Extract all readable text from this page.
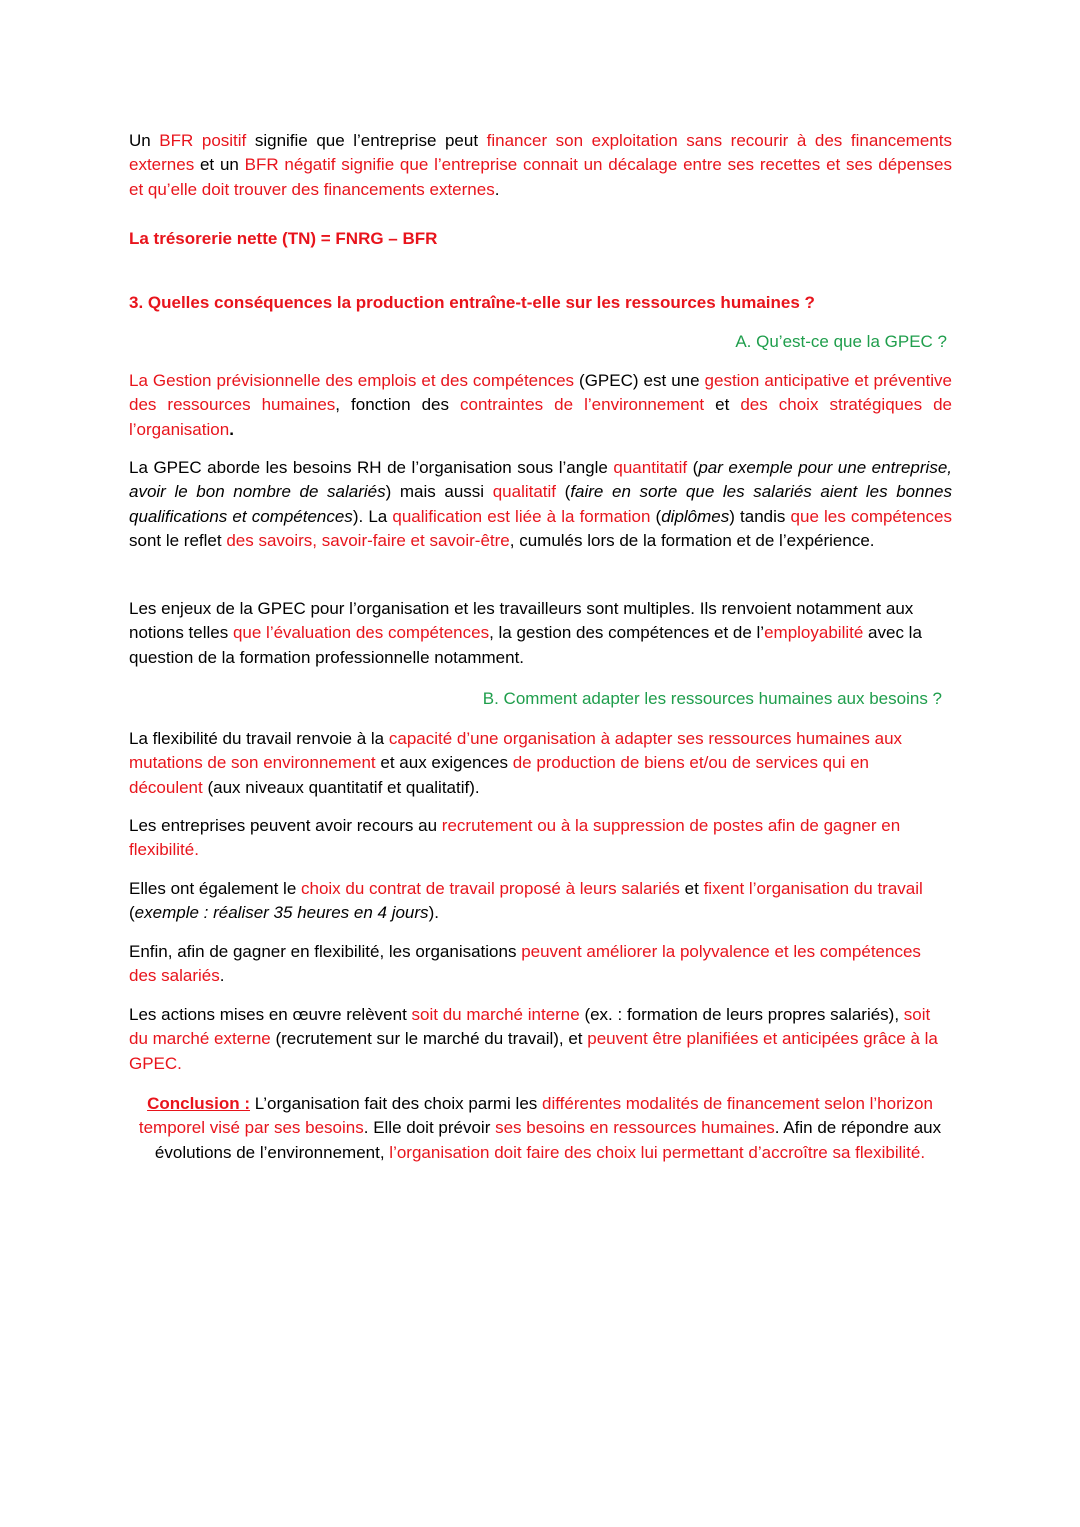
Un BFR positif signifie que l’entreprise peut financer son exploitation sans recourir à des financements externes et un BFR négatif signifie que l’entreprise connait un décalage entre ses recettes et ses dépenses et qu’elle doit trouver des financements externes.

La trésorerie nette (TN) = FNRG – BFR

3. Quelles conséquences la production entraîne-t-elle sur les ressources humaines ?

A. Qu’est-ce que la GPEC ?

La Gestion prévisionnelle des emplois et des compétences (GPEC) est une gestion anticipative et préventive des ressources humaines, fonction des contraintes de l’environnement et des choix stratégiques de l’organisation.

La GPEC aborde les besoins RH de l’organisation sous l’angle quantitatif (par exemple pour une entreprise, avoir le bon nombre de salariés) mais aussi qualitatif (faire en sorte que les salariés aient les bonnes qualifications et compétences). La qualification est liée à la formation (diplômes) tandis que les compétences sont le reflet des savoirs, savoir-faire et savoir-être, cumulés lors de la formation et de l’expérience.

Les enjeux de la GPEC pour l’organisation et les travailleurs sont multiples. Ils renvoient notamment aux notions telles que l’évaluation des compétences, la gestion des compétences et de l’employabilité avec la question de la formation professionnelle notamment.

B. Comment adapter les ressources humaines aux besoins ?

La flexibilité du travail renvoie à la capacité d’une organisation à adapter ses ressources humaines aux mutations de son environnement et aux exigences de production de biens et/ou de services qui en découlent (aux niveaux quantitatif et qualitatif).

Les entreprises peuvent avoir recours au recrutement ou à la suppression de postes afin de gagner en flexibilité.

Elles ont également le choix du contrat de travail proposé à leurs salariés et fixent l’organisation du travail (exemple : réaliser 35 heures en 4 jours).

Enfin, afin de gagner en flexibilité, les organisations peuvent améliorer la polyvalence et les compétences des salariés.

Les actions mises en œuvre relèvent soit du marché interne (ex. : formation de leurs propres salariés), soit du marché externe (recrutement sur le marché du travail), et peuvent être planifiées et anticipées grâce à la GPEC.

Conclusion : L’organisation fait des choix parmi les différentes modalités de financement selon l’horizon temporel visé par ses besoins. Elle doit prévoir ses besoins en ressources humaines. Afin de répondre aux évolutions de l’environnement, l’organisation doit faire des choix lui permettant d’accroître sa flexibilité.
